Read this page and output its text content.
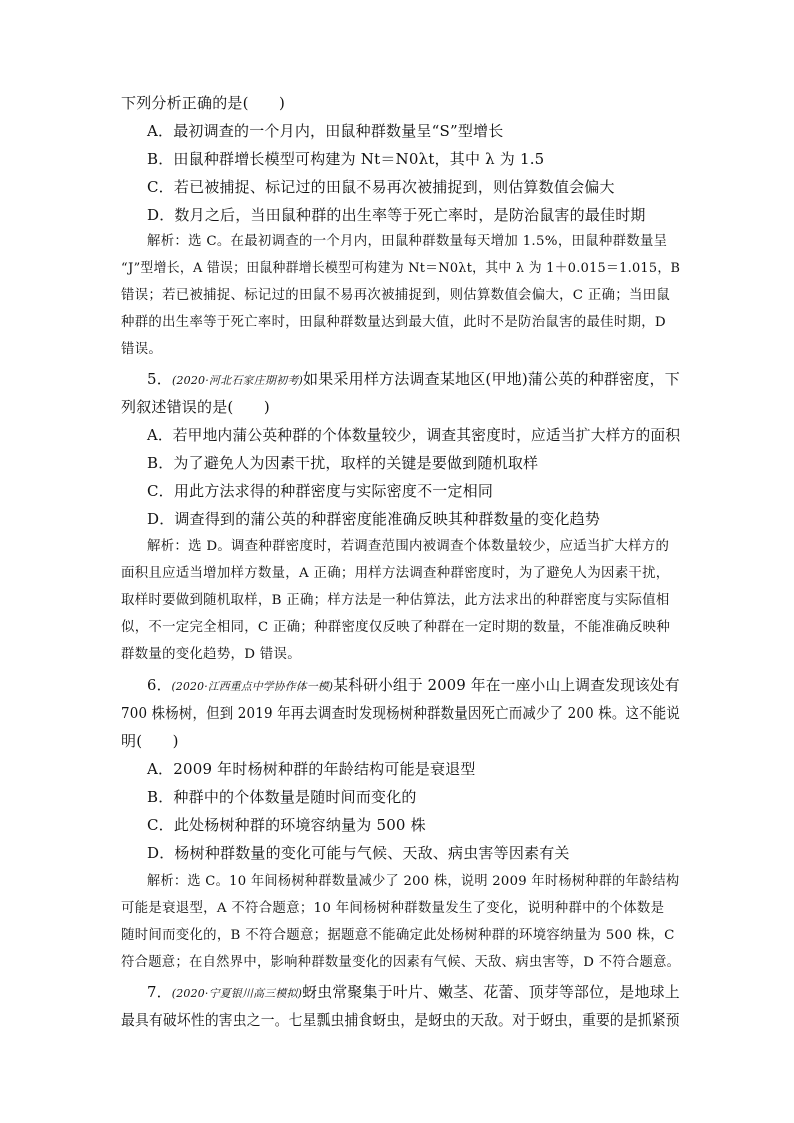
下列分析正确的是(　　)
A．最初调查的一个月内，田鼠种群数量呈“S”型增长
B．田鼠种群增长模型可构建为 Nt＝N0λt，其中 λ 为 1.5
C．若已被捕捉、标记过的田鼠不易再次被捕捉到，则估算数值会偏大
D．数月之后，当田鼠种群的出生率等于死亡率时，是防治鼠害的最佳时期
解析：选 C。在最初调查的一个月内，田鼠种群数量每天增加 1.5%，田鼠种群数量呈
“J”型增长，A 错误；田鼠种群增长模型可构建为 Nt＝N0λt，其中 λ 为 1＋0.015＝1.015，B
错误；若已被捕捉、标记过的田鼠不易再次被捕捉到，则估算数值会偏大，C 正确；当田鼠
种群的出生率等于死亡率时，田鼠种群数量达到最大值，此时不是防治鼠害的最佳时期，D
错误。
5．(2020·河北石家庄期初考)如果采用样方法调查某地区(甲地)蒲公英的种群密度，下
列叙述错误的是(　　)
A．若甲地内蒲公英种群的个体数量较少，调查其密度时，应适当扩大样方的面积
B．为了避免人为因素干扰，取样的关键是要做到随机取样
C．用此方法求得的种群密度与实际密度不一定相同
D．调查得到的蒲公英的种群密度能准确反映其种群数量的变化趋势
解析：选 D。调查种群密度时，若调查范围内被调查个体数量较少，应适当扩大样方的
面积且应适当增加样方数量，A 正确；用样方法调查种群密度时，为了避免人为因素干扰，
取样时要做到随机取样，B 正确；样方法是一种估算法，此方法求出的种群密度与实际值相
似，不一定完全相同，C 正确；种群密度仅反映了种群在一定时期的数量，不能准确反映种
群数量的变化趋势，D 错误。
6．(2020·江西重点中学协作体一模)某科研小组于 2009 年在一座小山上调查发现该处有
700 株杨树，但到 2019 年再去调查时发现杨树种群数量因死亡而减少了 200 株。这不能说
明(　　)
A．2009 年时杨树种群的年龄结构可能是衰退型
B．种群中的个体数量是随时间而变化的
C．此处杨树种群的环境容纳量为 500 株
D．杨树种群数量的变化可能与气候、天敌、病虫害等因素有关
解析：选 C。10 年间杨树种群数量减少了 200 株，说明 2009 年时杨树种群的年龄结构
可能是衰退型，A 不符合题意；10 年间杨树种群数量发生了变化，说明种群中的个体数是
随时间而变化的，B 不符合题意；据题意不能确定此处杨树种群的环境容纳量为 500 株，C
符合题意；在自然界中，影响种群数量变化的因素有气候、天敌、病虫害等，D 不符合题意。
7．(2020·宁夏银川高三模拟)蚜虫常聚集于叶片、嫩茎、花蕾、顶芽等部位，是地球上
最具有破坏性的害虫之一。七星瓢虫捕食蚜虫，是蚜虫的天敌。对于蚜虫，重要的是抓紧预
